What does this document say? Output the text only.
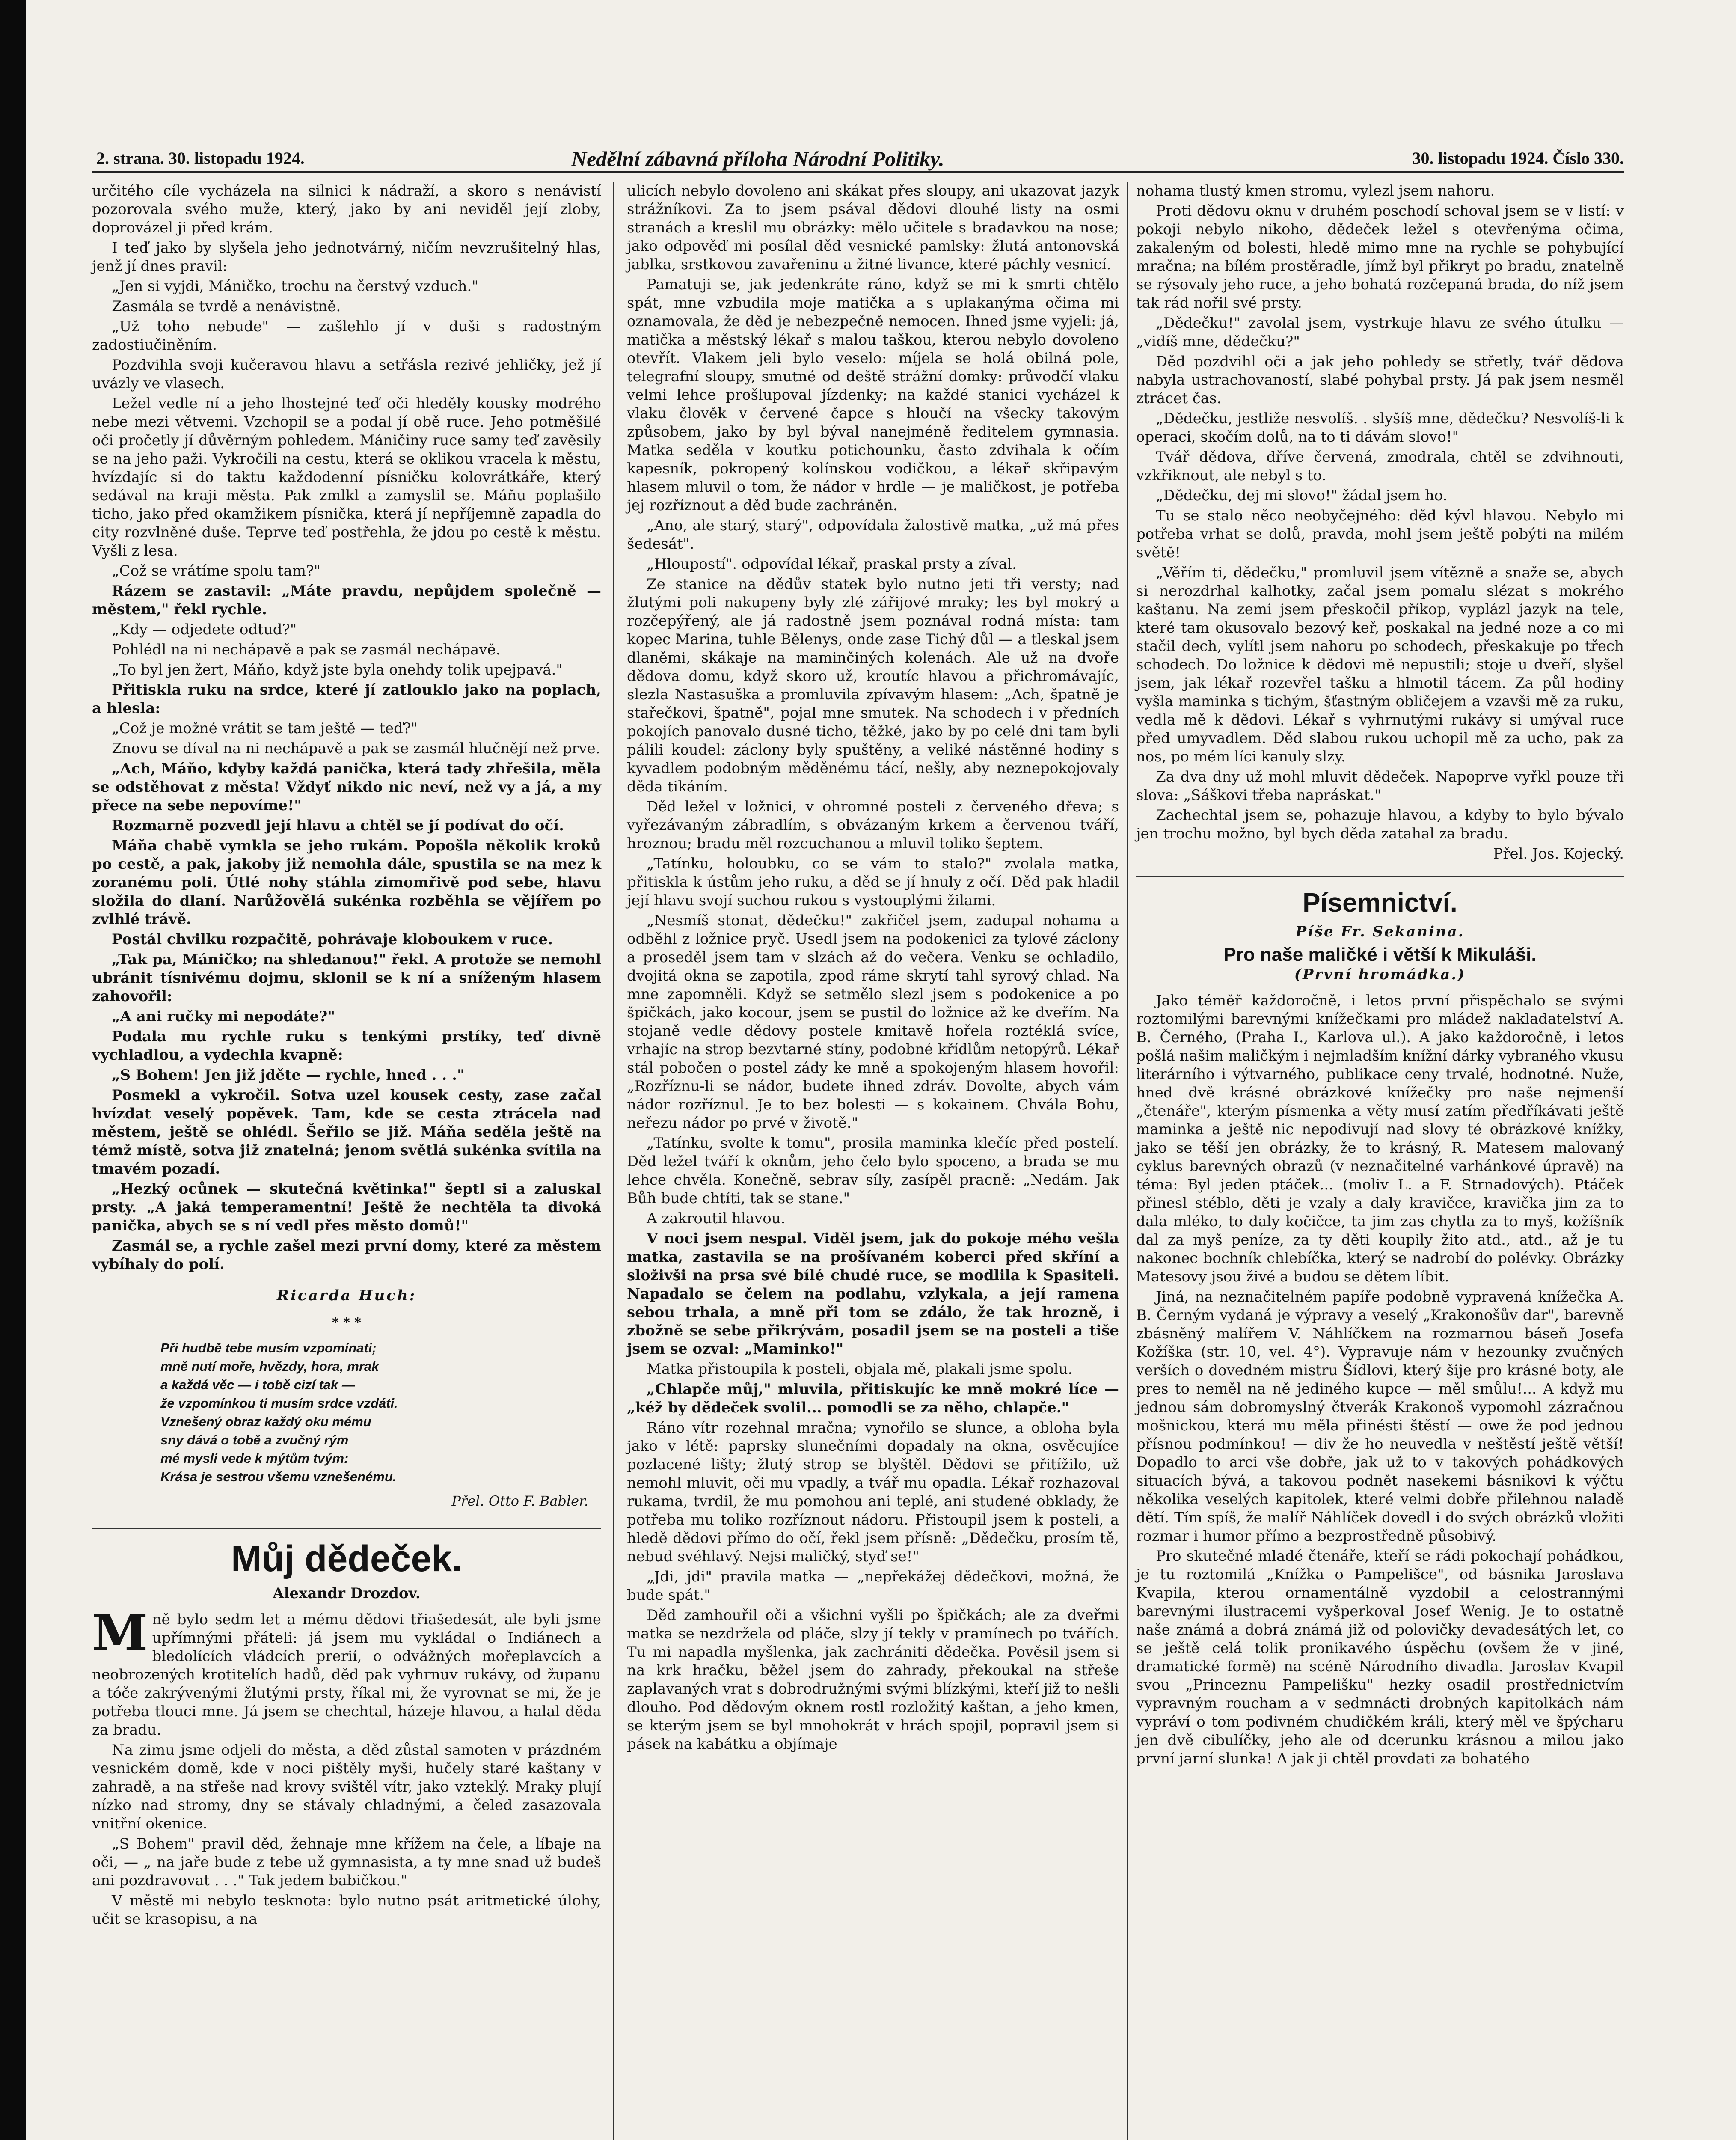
2. strana. 30. listopadu 1924.	Nedělní zábavná příloha Národní Politiky.	30. listopadu 1924. Číslo 330.

určitého cíle vycházela na silnici k nádraží, a skoro s nenávistí pozorovala svého muže, který, jako by ani neviděl její zloby, doprovázel ji před krám.

I teď jako by slyšela jeho jednotvárný, ničím nevzrušitelný hlas, jenž jí dnes pravil:

„Jen si vyjdi, Máničko, trochu na čerstvý vzduch."

Zasmála se tvrdě a nenávistně.

„Už toho nebude" — zašlehlo jí v duši s radostným zadostiučiněním.

Pozdvihla svoji kučeravou hlavu a setřásla rezivé jehličky, jež jí uvázly ve vlasech.

Ležel vedle ní a jeho lhostejné teď oči hleděly kousky modrého nebe mezi větvemi. Vzchopil se a podal jí obě ruce. Jeho potměšilé oči pročetly jí důvěrným pohledem. Máničiny ruce samy teď zavěsily se na jeho paži. Vykročili na cestu, která se oklikou vracela k městu, hvízdajíc si do taktu každodenní písničku kolovrátkáře, který sedával na kraji města. Pak zmlkl a zamyslil se. Máňu poplašilo ticho, jako před okamžikem písnička, která jí nepříjemně zapadla do city rozvlněné duše. Teprve teď postřehla, že jdou po cestě k městu. Vyšli z lesa.

„Což se vrátíme spolu tam?"

Rázem se zastavil: „Máte pravdu, nepůjdem společně — městem," řekl rychle.

„Kdy — odjedete odtud?"

Pohlédl na ni nechápavě a pak se zasmál nechápavě.

„To byl jen žert, Máňo, když jste byla onehdy tolik upejpavá."

Přitiskla ruku na srdce, které jí zatlouklo jako na poplach, a hlesla:

„Což je možné vrátit se tam ještě — teď?"

Znovu se díval na ni nechápavě a pak se zasmál hlučnějí než prve.

„Ach, Máňo, kdyby každá panička, která tady zhřešila, měla se odstěhovat z města! Vždyť nikdo nic neví, než vy a já, a my přece na sebe nepovíme!"

Rozmarně pozvedl její hlavu a chtěl se jí podívat do očí.

Máňa chabě vymkla se jeho rukám. Popošla několik kroků po cestě, a pak, jakoby již nemohla dále, spustila se na mez k zoranému poli. Útlé nohy stáhla zimomřivě pod sebe, hlavu složila do dlaní. Narůžovělá sukénka rozběhla se vějířem po zvlhlé trávě.

Postál chvilku rozpačitě, pohrávaje kloboukem v ruce.

„Tak pa, Máničko; na shledanou!" řekl. A protože se nemohl ubránit tísnivému dojmu, sklonil se k ní a sníženým hlasem zahovořil:

„A ani ručky mi nepodáte?"

Podala mu rychle ruku s tenkými prstíky, teď divně vychladlou, a vydechla kvapně:

„S Bohem! Jen již jděte — rychle, hned . . ."

Posmekl a vykročil. Sotva uzel kousek cesty, zase začal hvízdat veselý popěvek. Tam, kde se cesta ztrácela nad městem, ještě se ohlédl. Šeřilo se již. Máňa seděla ještě na témž místě, sotva již znatelná; jenom světlá sukénka svítila na tmavém pozadí.

„Hezký ocůnek — skutečná květinka!" šeptl si a zaluskal prsty. „A jaká temperamentní! Ještě že nechtěla ta divoká panička, abych se s ní vedl přes město domů!"

Zasmál se, a rychle zašel mezi první domy, které za městem vybíhaly do polí.

Ricarda Huch:
* * *
Při hudbě tebe musím vzpomínati;
mně nutí moře, hvězdy, hora, mrak
a každá věc — i tobě cizí tak —
že vzpomínkou ti musím srdce vzdáti.
Vznešený obraz každý oku mému
sny dává o tobě a zvučný rým
mé mysli vede k mýtům tvým:
Krása je sestrou všemu vznešenému.
Přel. Otto F. Babler.
Můj dědeček.
Alexandr Drozdov.

Mně bylo sedm let a mému dědovi třiašedesát, ale byli jsme upřímnými přáteli: já jsem mu vykládal o Indiánech a bledolících vládcích prerií, o odvážných mořeplavcích a neobrozených krotitelích hadů, děd pak vyhrnuv rukávy, od županu a tóče zakrývenými žlutými prsty, říkal mi, že vyrovnat se mi, že je potřeba tlouci mne. Já jsem se chechtal, házeje hlavou, a halal děda za bradu.

Na zimu jsme odjeli do města, a děd zůstal samoten v prázdném vesnickém domě, kde v noci pištěly myši, hučely staré kaštany v zahradě, a na střeše nad krovy svištěl vítr, jako vzteklý. Mraky plují nízko nad stromy, dny se stávaly chladnými, a čeled zasazovala vnitřní okenice.

„S Bohem" pravil děd, žehnaje mne křížem na čele, a líbaje na oči, — „ na jaře bude z tebe už gymnasista, a ty mne snad už budeš ani pozdravovat . . ." Tak jedem babičkou."

V městě mi nebylo tesknota: bylo nutno psát aritmetické úlohy, učit se krasopisu, a na

ulicích nebylo dovoleno ani skákat přes sloupy, ani ukazovat jazyk strážníkovi. Za to jsem psával dědovi dlouhé listy na osmi stranách a kreslil mu obrázky: mělo učitele s bradavkou na nose; jako odpověď mi posílal děd vesnické pamlsky: žlutá antonovská jablka, srstkovou zavařeninu a žitné livance, které páchly vesnicí.

Pamatuji se, jak jedenkráte ráno, když se mi k smrti chtělo spát, mne vzbudila moje matička a s uplakanýma očima mi oznamovala, že děd je nebezpečně nemocen. Ihned jsme vyjeli: já, matička a městský lékař s malou taškou, kterou nebylo dovoleno otevřít. Vlakem jeli bylo veselo: míjela se holá obilná pole, telegrafní sloupy, smutné od deště strážní domky: průvodčí vlaku velmi lehce prošlupoval jízdenky; na každé stanici vycházel k vlaku člověk v červené čapce s hloučí na všecky takovým způsobem, jako by byl býval nanejméně ředitelem gymnasia. Matka seděla v koutku potichounku, často zdvihala k očím kapesník, pokropený kolínskou vodičkou, a lékař skřipavým hlasem mluvil o tom, že nádor v hrdle — je maličkost, je potřeba jej rozříznout a děd bude zachráněn.

„Ano, ale starý, starý", odpovídala žalostivě matka, „už má přes šedesát".

„Hloupostí". odpovídal lékař, praskal prsty a zíval.

Ze stanice na dědův statek bylo nutno jeti tři versty; nad žlutými poli nakupeny byly zlé zářijové mraky; les byl mokrý a rozčepýřený, ale já radostně jsem poznával rodná místa: tam kopec Marina, tuhle Bělenys, onde zase Tichý důl — a tleskal jsem dlaněmi, skákaje na maminčiných kolenách. Ale už na dvoře dědova domu, když skoro už, kroutíc hlavou a přichromávajíc, slezla Nastasuška a promluvila zpívavým hlasem: „Ach, špatně je stařečkovi, špatně", pojal mne smutek. Na schodech i v předních pokojích panovalo dusné ticho, těžké, jako by po celé dni tam byli pálili koudel: záclony byly spuštěny, a veliké nástěnné hodiny s kyvadlem podobným měděnému tácí, nešly, aby neznepokojovaly děda tikáním.

Děd ležel v ložnici, v ohromné posteli z červeného dřeva; s vyřezávaným zábradlím, s obvázaným krkem a červenou tváří, hroznou; bradu měl rozcuchanou a mluvil toliko šeptem.

„Tatínku, holoubku, co se vám to stalo?" zvolala matka, přitiskla k ústům jeho ruku, a děd se jí hnuly z očí. Děd pak hladil její hlavu svojí suchou rukou s vystouplými žilami.

„Nesmíš stonat, dědečku!" zakřičel jsem, zadupal nohama a odběhl z ložnice pryč. Usedl jsem na podokenici za tylové záclony a proseděl jsem tam v slzách až do večera. Venku se ochladilo, dvojitá okna se zapotila, zpod ráme skrytí tahl syrový chlad. Na mne zapomněli. Když se setmělo slezl jsem s podokenice a po špičkách, jako kocour, jsem se pustil do ložnice až ke dveřím. Na stojaně vedle dědovy postele kmitavě hořela roztéklá svíce, vrhajíc na strop bezvtarné stíny, podobné křídlům netopýrů. Lékař stál pobočen o postel zády ke mně a spokojeným hlasem hovořil: „Rozříznu-li se nádor, budete ihned zdráv. Dovolte, abych vám nádor rozříznul. Je to bez bolesti — s kokainem. Chvála Bohu, neřezu nádor po prvé v životě."

„Tatínku, svolte k tomu", prosila maminka klečíc před postelí. Děd ležel tváří k oknům, jeho čelo bylo spoceno, a brada se mu lehce chvěla. Konečně, sebrav síly, zasípěl pracně: „Nedám. Jak Bůh bude chtíti, tak se stane."

A zakroutil hlavou.

V noci jsem nespal. Viděl jsem, jak do pokoje mého vešla matka, zastavila se na prošívaném koberci před skříní a složivši na prsa své bílé chudé ruce, se modlila k Spasiteli. Napadalo se čelem na podlahu, vzlykala, a její ramena sebou trhala, a mně při tom se zdálo, že tak hrozně, i zbožně se sebe přikrývám, posadil jsem se na posteli a tiše jsem se ozval: „Maminko!"

Matka přistoupila k posteli, objala mě, plakali jsme spolu.

„Chlapče můj," mluvila, přitiskujíc ke mně mokré líce — „kéž by dědeček svolil... pomodli se za něho, chlapče."

Ráno vítr rozehnal mračna; vynořilo se slunce, a obloha byla jako v létě: paprsky slunečními dopadaly na okna, osvěcujíce pozlacené lišty; žlutý strop se blyštěl. Dědovi se přitížilo, už nemohl mluvit, oči mu vpadly, a tvář mu opadla. Lékař rozhazoval rukama, tvrdil, že mu pomohou ani teplé, ani studené obklady, že potřeba mu toliko rozříznout nádoru. Přistoupil jsem k posteli, a hledě dědovi přímo do očí, řekl jsem přísně: „Dědečku, prosím tě, nebud svéhlavý. Nejsi maličký, styď se!"

„Jdi, jdi" pravila matka — „nepřekážej dědečkovi, možná, že bude spát."

Děd zamhouřil oči a všichni vyšli po špičkách; ale za dveřmi matka se nezdržela od pláče, slzy jí tekly v pramínech po tvářích. Tu mi napadla myšlenka, jak zachrániti dědečka. Pověsil jsem si na krk hračku, běžel jsem do zahrady, překoukal na střeše zaplavaných vrat s dobrodružnými svými blízkými, kteří již to nešli dlouho. Pod dědovým oknem rostl rozložitý kaštan, a jeho kmen, se kterým jsem se byl mnohokrát v hrách spojil, popravil jsem si pásek na kabátku a objímaje

nohama tlustý kmen stromu, vylezl jsem nahoru.

Proti dědovu oknu v druhém poschodí schoval jsem se v listí: v pokoji nebylo nikoho, dědeček ležel s otevřenýma očima, zakaleným od bolesti, hledě mimo mne na rychle se pohybující mračna; na bílém prostěradle, jímž byl přikryt po bradu, znatelně se rýsovaly jeho ruce, a jeho bohatá rozčepaná brada, do níž jsem tak rád nořil své prsty.

„Dědečku!" zavolal jsem, vystrkuje hlavu ze svého útulku — „vidíš mne, dědečku?"

Děd pozdvihl oči a jak jeho pohledy se střetly, tvář dědova nabyla ustrachovaností, slabé pohybal prsty. Já pak jsem nesměl ztrácet čas.

„Dědečku, jestliže nesvolíš. . slyšíš mne, dědečku? Nesvolíš-li k operaci, skočím dolů, na to ti dávám slovo!"

Tvář dědova, dříve červená, zmodrala, chtěl se zdvihnouti, vzkřiknout, ale nebyl s to.

„Dědečku, dej mi slovo!" žádal jsem ho.

Tu se stalo něco neobyčejného: děd kývl hlavou. Nebylo mi potřeba vrhat se dolů, pravda, mohl jsem ještě pobýti na milém světě!

„Věřím ti, dědečku," promluvil jsem vítězně a snaže se, abych si nerozdrhal kalhotky, začal jsem pomalu slézat s mokrého kaštanu. Na zemi jsem přeskočil příkop, vyplázl jazyk na tele, které tam okusovalo bezový keř, poskakal na jedné noze a co mi stačil dech, vylítl jsem nahoru po schodech, přeskakuje po třech schodech. Do ložnice k dědovi mě nepustili; stoje u dveří, slyšel jsem, jak lékař rozevřel tašku a hlmotil tácem. Za půl hodiny vyšla maminka s tichým, šťastným obličejem a vzavši mě za ruku, vedla mě k dědovi. Lékař s vyhrnutými rukávy si umýval ruce před umyvadlem. Děd slabou rukou uchopil mě za ucho, pak za nos, po mém líci kanuly slzy.

Za dva dny už mohl mluvit dědeček. Napoprve vyřkl pouze tři slova: „Sáškovi třeba napráskat."

Zachechtal jsem se, pohazuje hlavou, a kdyby to bylo bývalo jen trochu možno, byl bych děda zatahal za bradu.

Přel. Jos. Kojecký.
Písemnictví.
Píše Fr. Sekanina.
Pro naše maličké i větší k Mikuláši.
(První hromádka.)

Jako téměř každoročně, i letos první přispěchalo se svými roztomilými barevnými knížečkami pro mládež nakladatelství A. B. Černého, (Praha I., Karlova ul.). A jako každoročně, i letos pošlá našim maličkým i nejmladším knížní dárky vybraného vkusu literárního i výtvarného, publikace ceny trvalé, hodnotné. Nuže, hned dvě krásné obrázkové knížečky pro naše nejmenší „čtenáře", kterým písmenka a věty musí zatím předříkávati ještě maminka a ještě nic nepodivují nad slovy té obrázkové knížky, jako se těší jen obrázky, že to krásný, R. Matesem malovaný cyklus barevných obrazů (v neznačitelné varhánkové úpravě) na téma: Byl jeden ptáček... (moliv L. a F. Strnadových). Ptáček přinesl stéblo, děti je vzaly a daly kravičce, kravička jim za to dala mléko, to daly kočičce, ta jim zas chytla za to myš, kožíšník dal za myš peníze, za ty děti koupily žito atd., atd., až je tu nakonec bochník chlebíčka, který se nadrobí do polévky. Obrázky Matesovy jsou živé a budou se dětem líbit.

Jiná, na neznačitelném papíře podobně vypravená knížečka A. B. Černým vydaná je výpravy a veselý „Krakonošův dar", barevně zbásněný malířem V. Náhlíčkem na rozmarnou báseň Josefa Kožíška (str. 10, vel. 4°). Vypravuje nám v hezounky zvučných verších o dovedném mistru Šídlovi, který šije pro krásné boty, ale pres to neměl na ně jediného kupce — měl smůlu!... A když mu jednou sám dobromyslný čtverák Krakonoš vypomohl zázračnou mošnickou, která mu měla přinésti štěstí — owe že pod jednou přísnou podmínkou! — div že ho neuvedla v neštěstí ještě větší! Dopadlo to arci vše dobře, jak už to v takových pohádkových situacích bývá, a takovou podnět nasekemi básnikovi k výčtu několika veselých kapitolek, které velmi dobře přilehnou naladě dětí. Tím spíš, že malíř Náhlíček dovedl i do svých obrázků vložiti rozmar i humor přímo a bezprostředně působivý.

Pro skutečné mladé čtenáře, kteří se rádi pokochají pohádkou, je tu roztomilá „Knížka o Pampelišce", od básnika Jaroslava Kvapila, kterou ornamentálně vyzdobil a celostrannými barevnými ilustracemi vyšperkoval Josef Wenig. Je to ostatně naše známá a dobrá známá již od polovičky devadesátých let, co se ještě celá tolik pronikavého úspěchu (ovšem že v jiné, dramatické formě) na scéně Národního divadla. Jaroslav Kvapil svou „Princeznu Pampelišku" hezky osadil prostřednictvím vypravným roucham a v sedmnácti drobných kapitolkách nám vypráví o tom podivném chudičkém králi, který měl ve špýcharu jen dvě cibulíčky, jeho ale od dcerunku krásnou a milou jako první jarní slunka! A jak ji chtěl provdati za bohatého
